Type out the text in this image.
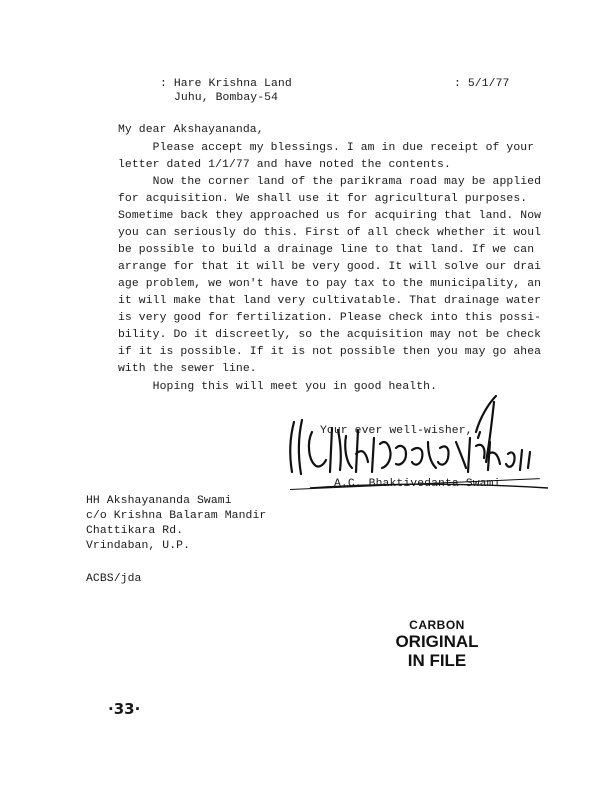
: Hare Krishna Land
Juhu, Bombay-54
: 5/1/77
My dear Akshayananda,
Please accept my blessings. I am in due receipt of your
letter dated 1/1/77 and have noted the contents.
Now the corner land of the parikrama road may be applied
for acquisition. We shall use it for agricultural purposes.
Sometime back they approached us for acquiring that land. Now
you can seriously do this. First of all check whether it woul
be possible to build a drainage line to that land. If we can
arrange for that it will be very good. It will solve our drai
age problem, we won't have to pay tax to the municipality, an
it will make that land very cultivatable. That drainage water
is very good for fertilization. Please check into this possi-
bility. Do it discreetly, so the acquisition may not be check
if it is possible. If it is not possible then you may go ahea
with the sewer line.
Hoping this will meet you in good health.
Your ever well-wisher,
A.C. Bhaktivedanta Swami
HH Akshayananda Swami
c/o Krishna Balaram Mandir
Chattikara Rd.
Vrindaban, U.P.
ACBS/jda
CARBON
ORIGINAL
IN FILE
·33·
